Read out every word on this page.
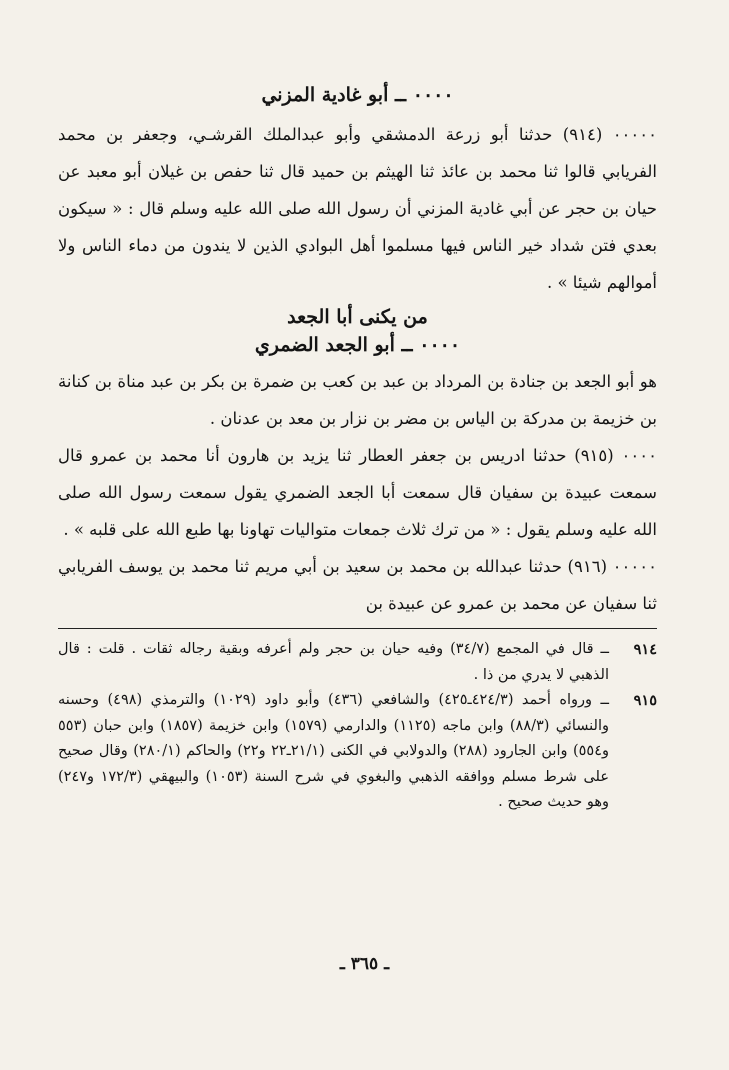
٠٠٠٠ ــ أبو غادية المزني

٠٠٠٠٠ (٩١٤) حدثنا أبو زرعة الدمشقي وأبو عبدالملك القرشـي، وجعفر بن محمد الفريابي قالوا ثنا محمد بن عائذ ثنا الهيثم بن حميد قال ثنا حفص بن غيلان أبو معبد عن حيان بن حجر عن أبي غادية المزني أن رسول الله صلى الله عليه وسلم قال : « سيكون بعدي فتن شداد خير الناس فيها مسلموا أهل البوادي الذين لا يندون من دماء الناس ولا أموالهم شيئا » .

من يكنى أبا الجعد

٠٠٠٠ ــ أبو الجعد الضمري

هو أبو الجعد بن جنادة بن المرداد بن عبد بن كعب بن ضمرة بن بكر بن عبد مناة بن كنانة بن خزيمة بن مدركة بن الياس بن مضر بن نزار بن معد بن عدنان .

٠٠٠٠ (٩١٥) حدثنا ادريس بن جعفر العطار ثنا يزيد بن هارون أنا محمد بن عمرو قال سمعت عبيدة بن سفيان قال سمعت أبا الجعد الضمري يقول سمعت رسول الله صلى الله عليه وسلم يقول : « من ترك ثلاث جمعات متواليات تهاونا بها طبع الله على قلبه » .

٠٠٠٠٠ (٩١٦) حدثنا عبدالله بن محمد بن سعيد بن أبي مريم ثنا محمد بن يوسف الفريابي ثنا سفيان عن محمد بن عمرو عن عبيدة بن

٩١٤
ــ قال في المجمع (٣٤/٧) وفيه حيان بن حجر ولم أعرفه وبقية رجاله ثقات . قلت : قال الذهبي لا يدري من ذا .
٩١٥
ــ ورواه أحمد (٤٢٤/٣ـ٤٢٥) والشافعي (٤٣٦) وأبو داود (١٠٢٩) والترمذي (٤٩٨) وحسنه والنسائي (٨٨/٣) وابن ماجه (١١٢٥) والدارمي (١٥٧٩) وابن خزيمة (١٨٥٧) وابن حبان (٥٥٣ و٥٥٤) وابن الجارود (٢٨٨) والدولابي في الكنى (٢١/١ـ٢٢ و٢٢) والحاكم (٢٨٠/١) وقال صحيح على شرط مسلم ووافقه الذهبي والبغوي في شرح السنة (١٠٥٣) والبيهقي (١٧٢/٣ و٢٤٧) وهو حديث صحيح .
ـ ٣٦٥ ـ
